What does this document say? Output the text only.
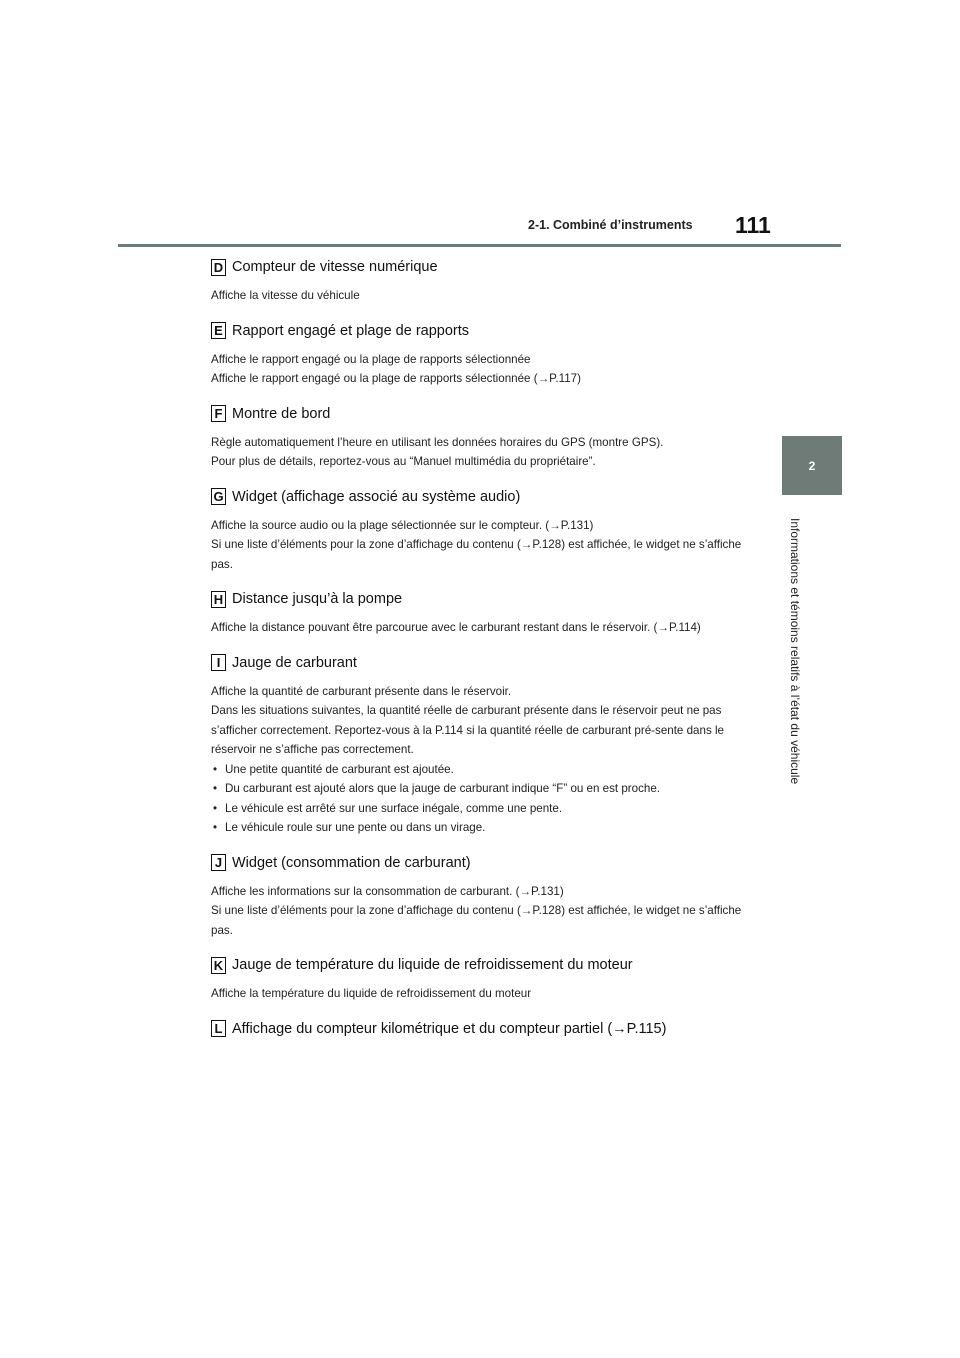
2-1. Combiné d’instruments 111
2
Informations et témoins relatifs à l’état du véhicule
D Compteur de vitesse numérique

Affiche la vitesse du véhicule

E Rapport engagé et plage de rapports

Affiche le rapport engagé ou la plage de rapports sélectionnée

Affiche le rapport engagé ou la plage de rapports sélectionnée (→P.117)

F Montre de bord

Règle automatiquement l’heure en utilisant les données horaires du GPS (montre GPS).

Pour plus de détails, reportez-vous au “Manuel multimédia du propriétaire”.

G Widget (affichage associé au système audio)

Affiche la source audio ou la plage sélectionnée sur le compteur. (→P.131)

Si une liste d’éléments pour la zone d’affichage du contenu (→P.128) est affichée, le widget ne s’affiche pas.

H Distance jusqu’à la pompe

Affiche la distance pouvant être parcourue avec le carburant restant dans le réservoir. (→P.114)

I Jauge de carburant

Affiche la quantité de carburant présente dans le réservoir.

Dans les situations suivantes, la quantité réelle de carburant présente dans le réservoir peut ne pas s’afficher correctement. Reportez-vous à la P.114 si la quantité réelle de carburant pré-sente dans le réservoir ne s’affiche pas correctement.

• Une petite quantité de carburant est ajoutée.
• Du carburant est ajouté alors que la jauge de carburant indique “F” ou en est proche.
• Le véhicule est arrêté sur une surface inégale, comme une pente.
• Le véhicule roule sur une pente ou dans un virage.
J Widget (consommation de carburant)

Affiche les informations sur la consommation de carburant. (→P.131)

Si une liste d’éléments pour la zone d’affichage du contenu (→P.128) est affichée, le widget ne s’affiche pas.

K Jauge de température du liquide de refroidissement du moteur

Affiche la température du liquide de refroidissement du moteur

L Affichage du compteur kilométrique et du compteur partiel (→P.115)
